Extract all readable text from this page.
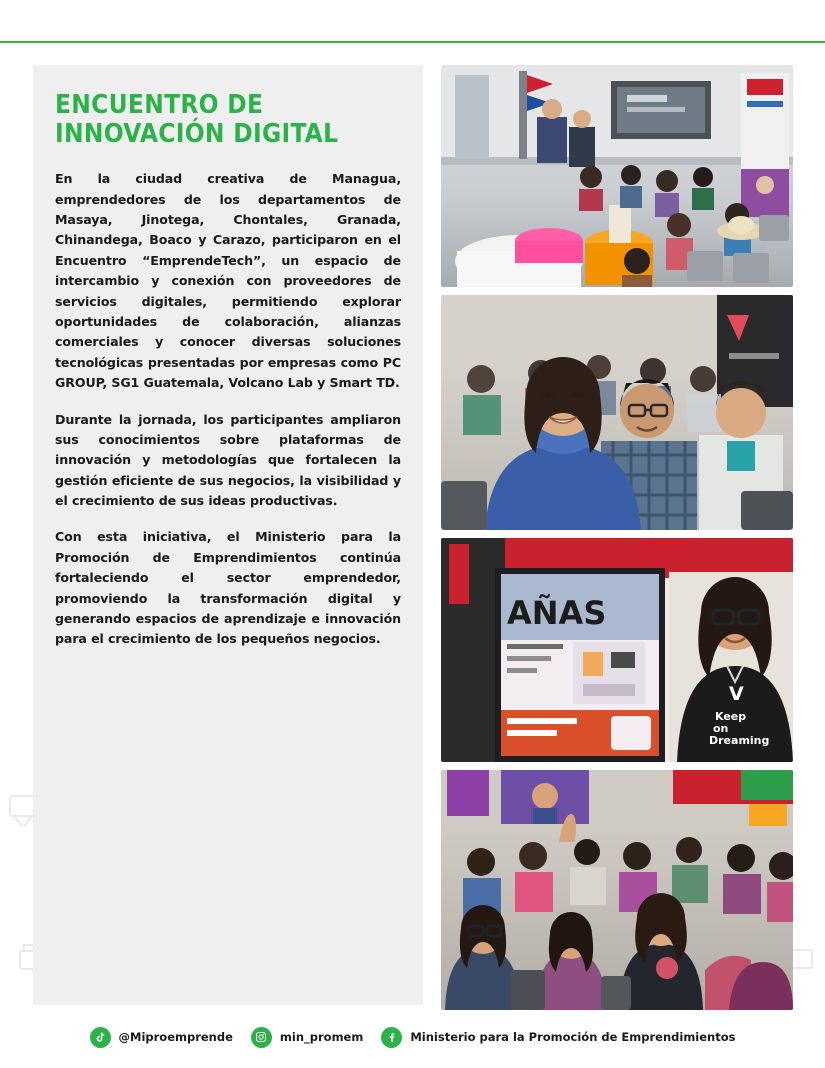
ENCUENTRO DE INNOVACIÓN DIGITAL

En la ciudad creativa de Managua, emprendedores de los departamentos de Masaya, Jinotega, Chontales, Granada, Chinandega, Boaco y Carazo, participaron en el Encuentro “EmprendeTech”, un espacio de intercambio y conexión con proveedores de servicios digitales, permitiendo explorar oportunidades de colaboración, alianzas comerciales y conocer diversas soluciones tecnológicas presentadas por empresas como PC GROUP, SG1 Guatemala, Volcano Lab y Smart TD.

Durante la jornada, los participantes ampliaron sus conocimientos sobre plataformas de innovación y metodologías que fortalecen la gestión eficiente de sus negocios, la visibilidad y el crecimiento de sus ideas productivas.

Con esta iniciativa, el Ministerio para la Promoción de Emprendimientos continúa fortaleciendo el sector emprendedor, promoviendo la transformación digital y generando espacios de aprendizaje e innovación para el crecimiento de los pequeños negocios.

AÑAS
V
Keep
on
Dreaming
@Miproemprende	min_promem	Ministerio para la Promoción de Emprendimientos
